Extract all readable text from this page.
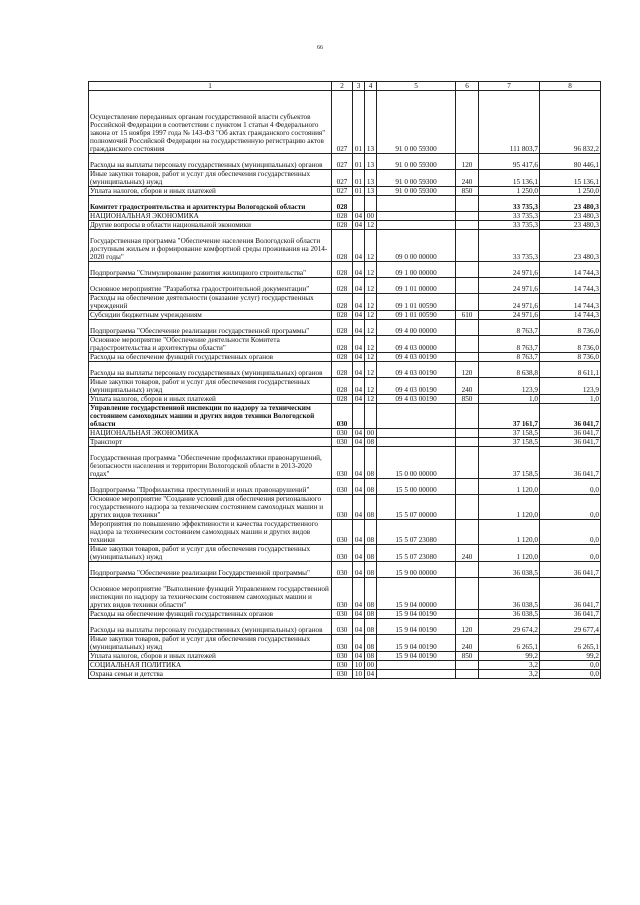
66
1	2	3	4	5	6	7	8
Осуществление переданных органам государственной власти субъектов Российской Федерации в соответствии с пунктом 1 статьи 4 Федерального закона от 15 ноября 1997 года № 143-ФЗ "Об актах гражданского состояния" полномочий Российской Федерации на государственную регистрацию актов гражданского состояния	027	01	13	91 0 00 59300		111 803,7	96 832,2
Расходы на выплаты персоналу государственных (муниципальных) органов	027	01	13	91 0 00 59300	120	95 417,6	80 446,1
Иные закупки товаров, работ и услуг для обеспечения государственных (муниципальных) нужд	027	01	13	91 0 00 59300	240	15 136,1	15 136,1
Уплата налогов, сборов и иных платежей	027	01	13	91 0 00 59300	850	1 250,0	1 250,0
Комитет градостроительства и архитектуры Вологодской области	028					33 735,3	23 480,3
НАЦИОНАЛЬНАЯ ЭКОНОМИКА	028	04	00			33 735,3	23 480,3
Другие вопросы в области национальной экономики	028	04	12			33 735,3	23 480,3
Государственная программа "Обеспечение населения Вологодской области доступным жильем и формирование комфортной среды проживания на 2014-2020 годы"	028	04	12	09 0 00 00000		33 735,3	23 480,3
Подпрограмма "Стимулирование развития жилищного строительства"	028	04	12	09 1 00 00000		24 971,6	14 744,3
Основное мероприятие "Разработка градостроительной документации"	028	04	12	09 1 01 00000		24 971,6	14 744,3
Расходы на обеспечение деятельности (оказание услуг) государственных учреждений	028	04	12	09 1 01 00590		24 971,6	14 744,3
Субсидии бюджетным учреждениям	028	04	12	09 1 01 00590	610	24 971,6	14 744,3
Подпрограмма "Обеспечение реализации государственной программы"	028	04	12	09 4 00 00000		8 763,7	8 736,0
Основное мероприятие "Обеспечение деятельности Комитета градостроительства и архитектуры области"	028	04	12	09 4 03 00000		8 763,7	8 736,0
Расходы на обеспечение функций государственных органов	028	04	12	09 4 03 00190		8 763,7	8 736,0
Расходы на выплаты персоналу государственных (муниципальных) органов	028	04	12	09 4 03 00190	120	8 638,8	8 611,1
Иные закупки товаров, работ и услуг для обеспечения государственных (муниципальных) нужд	028	04	12	09 4 03 00190	240	123,9	123,9
Уплата налогов, сборов и иных платежей	028	04	12	09 4 03 00190	850	1,0	1,0
Управление государственной инспекции по надзору за техническим состоянием самоходных машин и других видов техники Вологодской области	030					37 161,7	36 041,7
НАЦИОНАЛЬНАЯ ЭКОНОМИКА	030	04	00			37 158,5	36 041,7
Транспорт	030	04	08			37 158,5	36 041,7
Государственная программа "Обеспечение профилактики правонарушений, безопасности населения и территории Вологодской области в 2013-2020 годах"	030	04	08	15 0 00 00000		37 158,5	36 041,7
Подпрограмма "Профилактика преступлений и иных правонарушений"	030	04	08	15 5 00 00000		1 120,0	0,0
Основное мероприятие "Создание условий для обеспечения регионального государственного надзора за техническим состоянием самоходных машин и других видов техники"	030	04	08	15 5 07 00000		1 120,0	0,0
Мероприятия по повышению эффективности и качества государственного надзора за техническим состоянием самоходных машин и других видов техники	030	04	08	15 5 07 23080		1 120,0	0,0
Иные закупки товаров, работ и услуг для обеспечения государственных (муниципальных) нужд	030	04	08	15 5 07 23080	240	1 120,0	0,0
Подпрограмма "Обеспечение реализации Государственной программы"	030	04	08	15 9 00 00000		36 038,5	36 041,7
Основное мероприятие "Выполнение функций Управлением государственной инспекции по надзору за техническим состоянием самоходных машин и других видов техники области"	030	04	08	15 9 04 00000		36 038,5	36 041,7
Расходы на обеспечение функций государственных органов	030	04	08	15 9 04 00190		36 038,5	36 041,7
Расходы на выплаты персоналу государственных (муниципальных) органов	030	04	08	15 9 04 00190	120	29 674,2	29 677,4
Иные закупки товаров, работ и услуг для обеспечения государственных (муниципальных) нужд	030	04	08	15 9 04 00190	240	6 265,1	6 265,1
Уплата налогов, сборов и иных платежей	030	04	08	15 9 04 00190	850	99,2	99,2
СОЦИАЛЬНАЯ ПОЛИТИКА	030	10	00			3,2	0,0
Охрана семьи и детства	030	10	04			3,2	0,0
